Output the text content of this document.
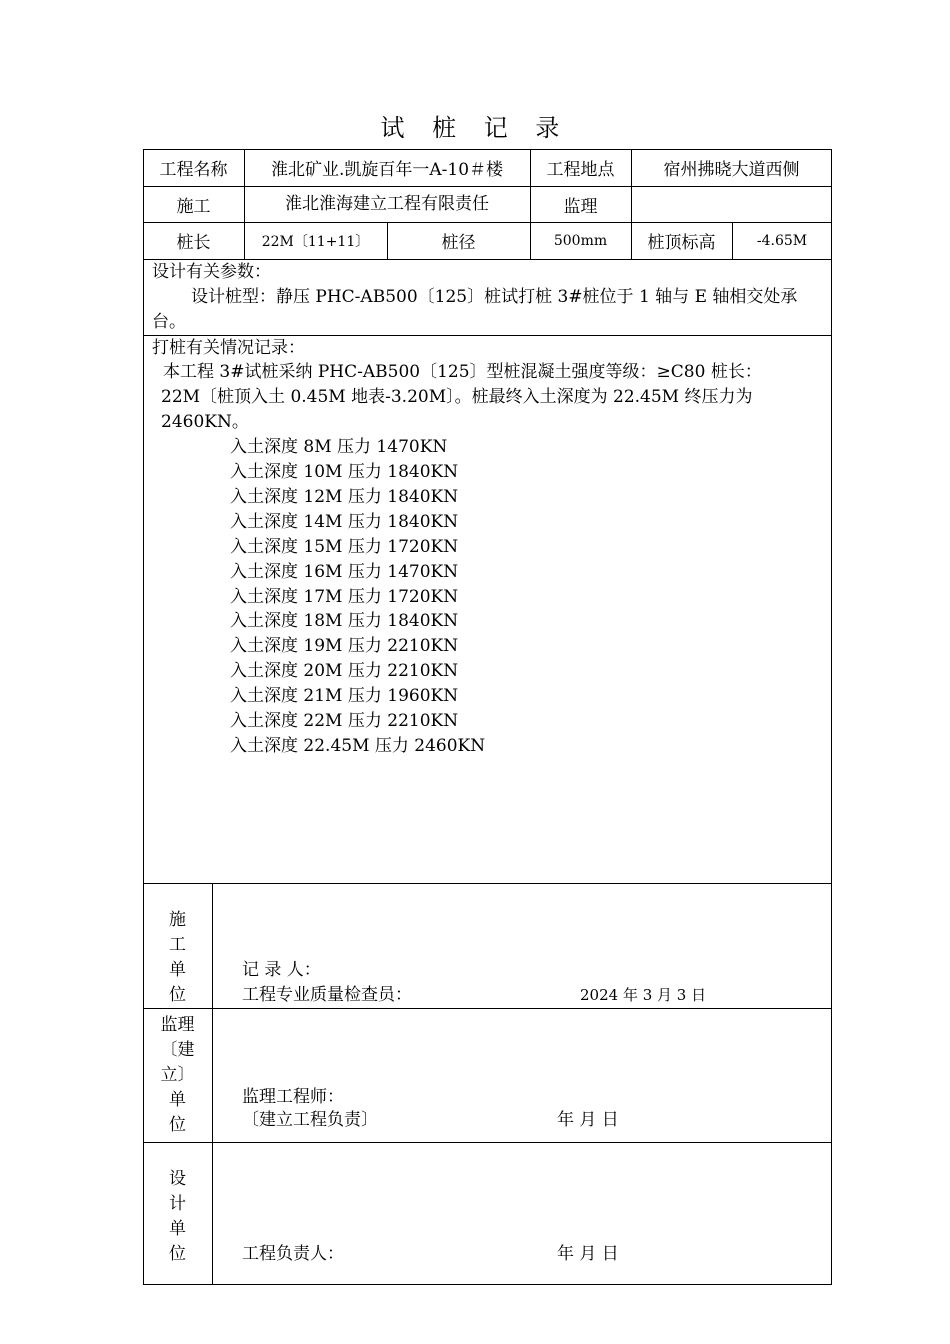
试 桩 记 录
工程名称	淮北矿业.凯旋百年一A-10＃楼	工程地点	宿州拂晓大道西侧
施工	淮北淮海建立工程有限责任	监理
桩长	22M〔11+11〕	桩径	500mm	桩顶标高	-4.65M
设计有关参数：
设计桩型：静压 PHC-AB500〔125〕桩试打桩 3#桩位于 1 轴与 E 轴相交处承
台。
打桩有关情况记录：
本工程 3#试桩采纳 PHC-AB500〔125〕型桩混凝土强度等级：≥C80 桩长：
22M〔桩顶入土 0.45M 地表-3.20M〕。桩最终入土深度为 22.45M 终压力为
2460KN。
入土深度 8M 压力 1470KN
入土深度 10M 压力 1840KN
入土深度 12M 压力 1840KN
入土深度 14M 压力 1840KN
入土深度 15M 压力 1720KN
入土深度 16M 压力 1470KN
入土深度 17M 压力 1720KN
入土深度 18M 压力 1840KN
入土深度 19M 压力 2210KN
入土深度 20M 压力 2210KN
入土深度 21M 压力 1960KN
入土深度 22M 压力 2210KN
入土深度 22.45M 压力 2460KN
施
工
单
位
记 录 人：
工程专业质量检查员：	2024 年 3 月 3 日
监理
〔建
立〕
单
位
监理工程师：
〔建立工程负责〕	年 月 日
设
计
单
位	工程负责人：	年 月 日
